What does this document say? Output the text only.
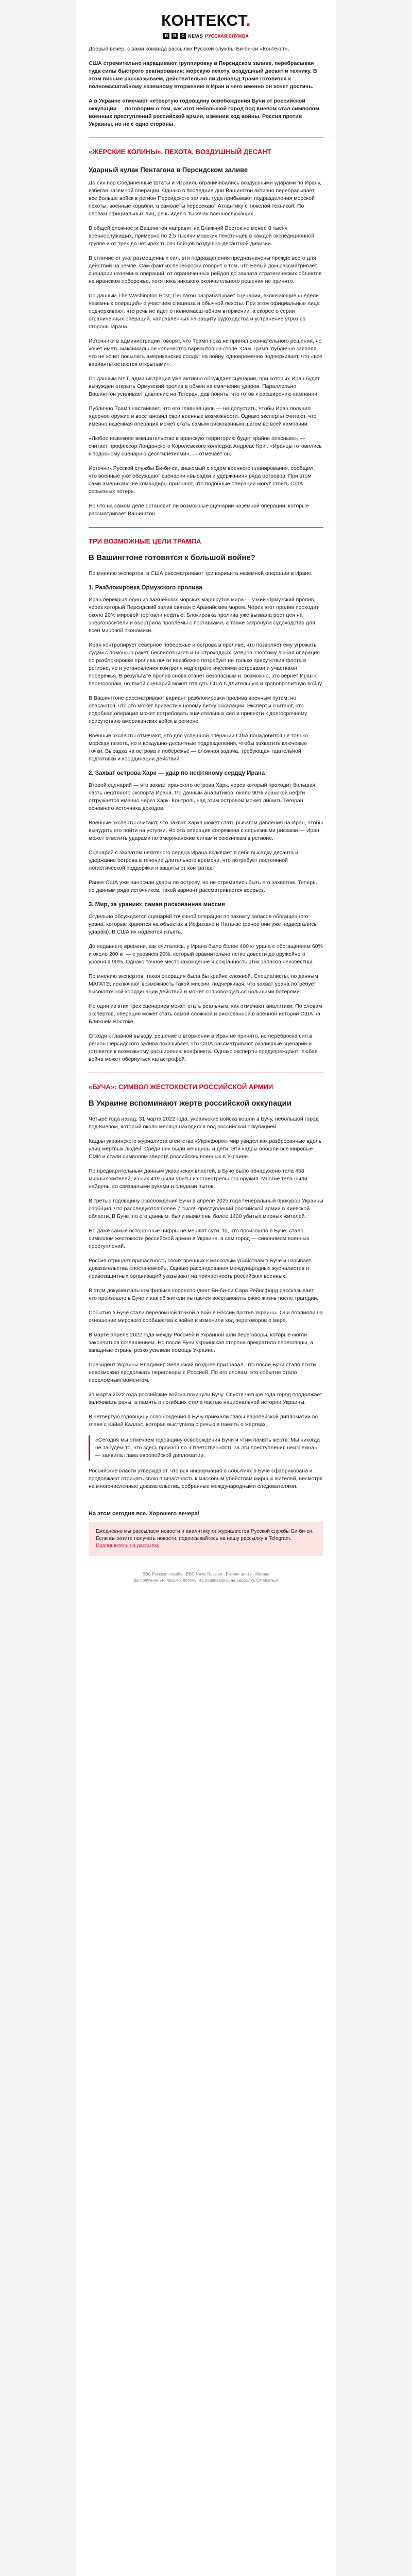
КОНТЕКСТ.
B	B	C NEWS РУССКАЯ СЛУЖБА

Добрый вечер, с вами команда рассылки Русской службы Би-би-си «Контекст».

США стремительно наращивают группировку в Персидском заливе, перебрасывая туда силы быстрого реагирования: морскую пехоту, воздушный десант и технику. В этом письме рассказываем, действительно ли Дональд Трамп готовится к полномасштабному наземному вторжению в Иран и чего именно он хочет достичь.

А в Украине отмечают четвертую годовщину освобождения Бучи от российской оккупации — поговорим о том, как этот небольшой город под Киевом стал символом военных преступлений российской армии, изменив ход войны. Россия против Украины, но не с одно стороны.

«ЖЕРСКИЕ КОЛИНЫ». ПЕХОТА, ВОЗДУШНЫЙ ДЕСАНТ
Ударный кулак Пентагона в Персидском заливе

До сих пор Соединенные Штаты и Израиль ограничивались воздушными ударами по Ирану, избегая наземной операции. Однако в последние дни Вашингтон активно перебрасывает все больше войск в регион Персидского залива: туда прибывают подразделения морской пехоты, военные корабли, а самолеты пересекают Атлантику с тяжелой техникой. По словам официальных лиц, речь идет о тысячах военнослужащих.

В общей сложности Вашингтон направит на Ближний Восток не менее 8 тысяч военнослужащих, примерно по 2,5 тысячи морских пехотинцев в каждой экспедиционной группе и от трех до четырех тысяч бойцов воздушно-десантной дивизии.

В отличие от уже размещенных сил, эти подразделения предназначены прежде всего для действий на земле. Сам факт их переброски говорит о том, что Белый дом рассматривает сценарии наземных операций, от ограниченных рейдов до захвата стратегических объектов на иранском побережье, хотя пока никакого окончательного решения не принято.

По данным The Washington Post, Пентагон разрабатывает сценарии, включающие «недели наземных операций» с участием спецназа и обычной пехоты. При этом официальные лица подчеркивают, что речь не идет о полномасштабном вторжении, а скорее о серии ограниченных операций, направленных на защиту судоходства и устранение угроз со стороны Ирана.

Источники в администрации говорят, что Трамп пока не принял окончательного решения, но хочет иметь максимальное количество вариантов на столе. Сам Трамп, публично заявляя, что не хочет посылать американских солдат на войну, одновременно подчеркивает, что «все варианты остаются открытыми».

По данным NYT, администрация уже активно обсуждает сценарии, при которых Иран будет вынужден открыть Ормузский пролив в обмен на смягчение ударов. Параллельно Вашингтон усиливает давление на Тегеран, дав понять, что готов к расширению кампании.

Публично Трамп настаивает, что его главная цель — не допустить, чтобы Иран получил ядерное оружие и восстановил свои военные возможности. Однако эксперты считают, что именно наземная операция может стать самым рискованным шагом во всей кампании.

«Любое наземное вмешательство в иранскую территорию будет крайне опасным», — считает профессор Лондонского Королевского колледжа Андреас Криг. «Иранцы готовились к подобному сценарию десятилетиями», — отмечает он.

Источник Русской службы Би-би-си, знакомый с ходом военного планирования, сообщил, что военные уже обсуждают сценарии «высадки и удержания» ряда островов. При этом сами американские командиры признают, что подобные операции могут стоить США серьезных потерь.

Но что на самом деле остановит ли возможные сценарии наземной операции, которые рассматривает Вашингтон.

ТРИ ВОЗМОЖНЫЕ ЦЕЛИ ТРАМПА
В Вашингтоне готовятся к большой войне?

По мнению экспертов, в США рассматривают три варианта наземной операции в Иране.

1. Разблокировка Ормузского пролива

Иран перекрыл один из важнейших морских маршрутов мира — узкий Ормузский пролив, через который Персидский залив связан с Аравийским морем. Через этот пролив проходит около 20% мировой торговли нефтью. Блокировка пролива уже вызвала рост цен на энергоносители и обострила проблемы с поставками, а также затронула судоходство для всей мировой экономики.

Иран контролирует северное побережье и острова в проливе, что позволяет ему угрожать судам с помощью ракет, беспилотников и быстроходных катеров. Поэтому любая операция по разблокировке пролива почти неизбежно потребует не только присутствия флота в регионе, но и установления контроля над стратегическими островами и участками побережья. В результате пролив снова станет безопасным и, возможно, это вернет Иран к переговорам, но такой сценарий может втянуть США в длительную и кровопролитную войну.

В Вашингтоне рассматривают вариант разблокировки пролива военным путем, но опасаются, что это может привести к новому витку эскалации. Эксперты считают, что подобная операция может потребовать значительных сил и привести к долгосрочному присутствию американских войск в регионе.

Военные эксперты отмечают, что для успешной операции США понадобится не только морская пехота, но и воздушно-десантные подразделения, чтобы захватить ключевые точки. Высадка на острова и побережье — сложная задача, требующая тщательной подготовки и координации действий.

2. Захват острова Харк — удар по нефтяному сердцу Ирана

Второй сценарий — это захват иранского острова Харк, через который проходит большая часть нефтяного экспорта Ирана. По данным аналитиков, около 90% иранской нефти отгружается именно через Харк. Контроль над этим островом может лишить Тегеран основного источника доходов.

Военные эксперты считают, что захват Харка может стать рычагом давления на Иран, чтобы вынудить его пойти на уступки. Но эта операция сопряжена с серьезными рисками — Иран может ответить ударами по американским силам и союзникам в регионе.

Сценарий с захватом нефтяного сердца Ирана включает в себя высадку десанта и удержание острова в течение длительного времени, что потребует постоянной логистической поддержки и защиты от контратак.

Ранее США уже наносили удары по острову, но не стремились быть его захватом. Теперь, по данным ряда источников, такой вариант рассматривается всерьез.

3. Мир, за уранию: самая рискованная миссия

Отдельно обсуждается сценарий точечной операции по захвату запасов обогащенного урана, которые хранятся на объектах в Исфахане и Натанзе (ранее они уже подвергались ударам). В США их надеются изъять.

До недавнего времени, как считалось, у Ирана было более 400 кг урана с обогащением 60% и около 200 кг — с уровнем 20%, который сравнительно легко довести до оружейного уровня в 90%. Однако точное местонахождение и сохранность этих запасов неизвестны.

По мнению экспертов, такая операция была бы крайне сложной. Специалисты, по данным МАГАТЭ, исключают возможность такой миссии, подчеркивая, что захват урана потребует высокоточной координации действий и может сопровождаться большими потерями.

Но один из этих трех сценариев может стать реальным, как отмечают аналитики. По словам экспертов, операция может стать самой сложной и рискованной в военной истории США на Ближнем Востоке.

Отходя к главной выводу, решение о вторжении в Иран не принято, но переброска сил в регион Персидского залива показывает, что США рассматривают различные сценарии и готовятся к возможному расширению конфликта. Однако эксперты предупреждают: любая война может обернуться катастрофой.

«БУЧА»: СИМВОЛ ЖЕСТОКОСТИ РОССИЙСКОЙ АРМИИ
В Украине вспоминают жертв российской оккупации

Четыре года назад, 31 марта 2022 года, украинские войска вошли в Бучу, небольшой город под Киевом, который около месяца находился под российской оккупацией.

Кадры украинского журналиста агентства «Укрінформ» мир увидел как разбросанные вдоль улиц мертвых людей. Среди них были женщины и дети. Эти кадры обошли все мировые СМИ и стали символом зверств российских военных в Украине.

По предварительным данным украинских властей, в Буче было обнаружено тела 458 мирных жителей, из них 419 были убиты из огнестрельного оружия. Многие тела были найдены со связанными руками и следами пыток.

В третью годовщину освобождения Бучи в апреле 2025 года Генеральный прокурор Украины сообщил, что расследуются более 7 тысяч преступлений российской армии в Киевской области. В Буче, по его данным, были выявлены более 1400 убитых мирных жителей.

Но даже самые осторожные цифры не меняют сути: то, что произошло в Буче, стало символом жестокости российской армии в Украине, а сам город — синонимом военных преступлений.

Россия отрицает причастность своих военных к массовым убийствам в Буче и называет доказательства «постановкой». Однако расследования международных журналистов и правозащитных организаций указывают на причастность российских военных.

В этом документальном фильме корреспондент Би-би-си Сара Рейнсфорд рассказывает, что произошло в Буче и как её жители пытаются восстановить свою жизнь после трагедии.

События в Буче стали переломной точкой в войне России против Украины. Они повлияли на отношение мирового сообщества к войне и изменили ход переговоров о мире.

В марте-апреле 2022 года между Россией и Украиной шли переговоры, которые могли закончиться соглашением. Но после Бучи украинская сторона прекратила переговоры, а западные страны резко усилили помощь Украине.

Президент Украины Владимир Зеленский позднее признавал, что после Бучи стало почти невозможно продолжать переговоры с Россией. По его словам, это событие стало переломным моментом.

31 марта 2022 года российские войска покинули Бучу. Спустя четыре года город продолжает залечивать раны, а память о погибших стала частью национальной истории Украины.

В четвертую годовщину освобождения в Бучу приехали главы европейской дипломатии во главе с Кайей Каллас, которая выступила с речью в память о жертвах.

«Сегодня мы отмечаем годовщину освобождения Бучи и чтим память жертв. Мы никогда не забудем то, что здесь произошло. Ответственность за эти преступления неизбежна», — заявила глава европейской дипломатии.

Российские власти утверждают, что вся информация о событиях в Буче сфабрикована и продолжают отрицать свою причастность к массовым убийствам мирных жителей, несмотря на многочисленные доказательства, собранные международными следователями.

На этом сегодня все. Хорошего вечера!
Ежедневно мы рассылаем новости и аналитику от журналистов Русской службы Би-би-си. Если вы хотите получать новости, подписывайтесь на нашу рассылку в Telegram. Подпишитесь на рассылку
BBC Русская служба · BBC News Russian · Бизнес-центр · Москва
Вы получили это письмо, потому что подписались на рассылку. Отписаться
